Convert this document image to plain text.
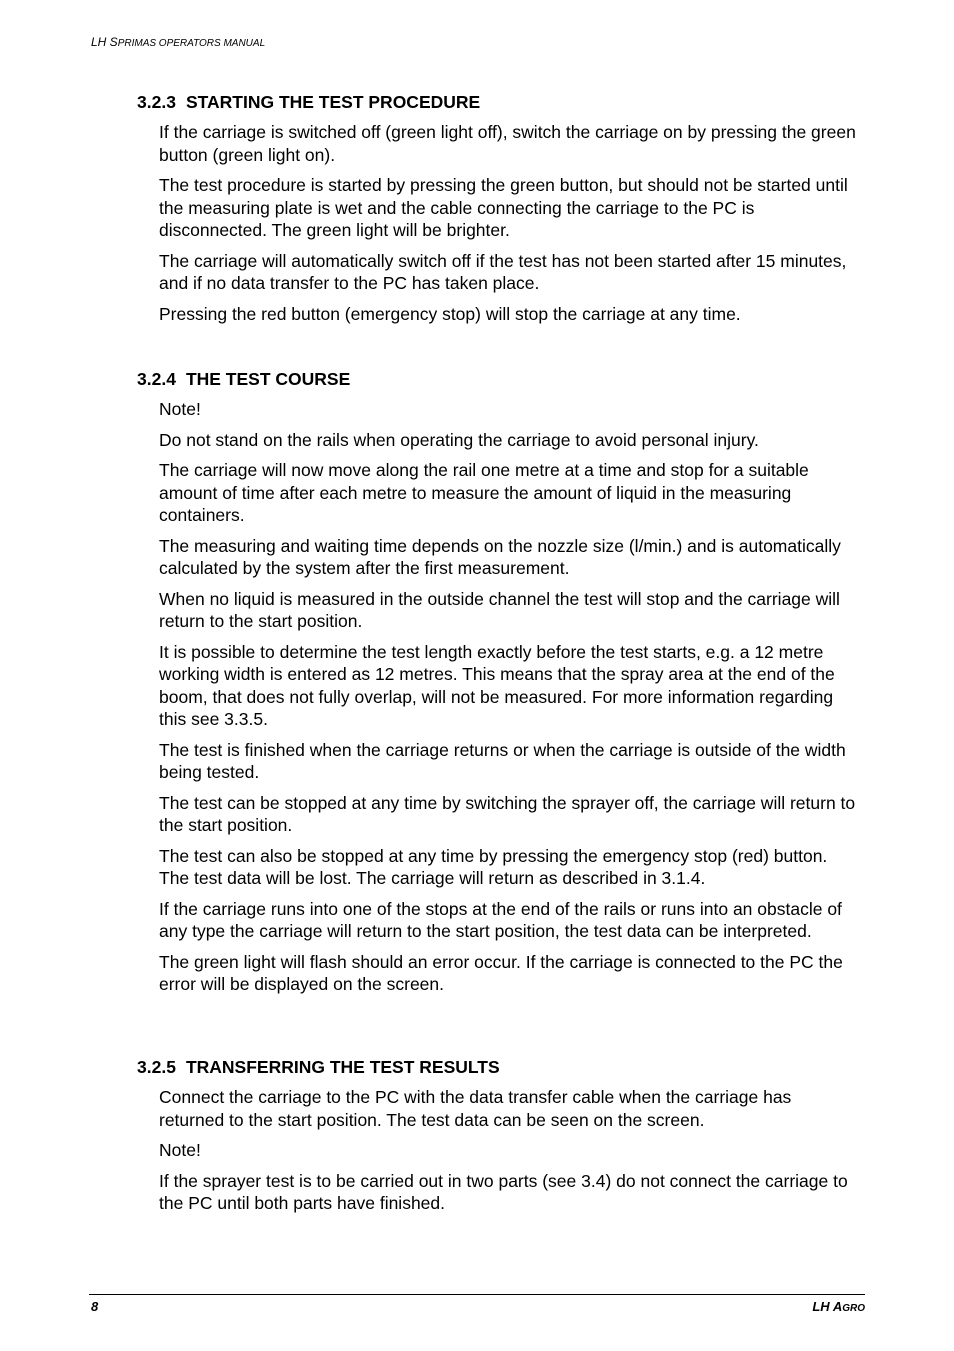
LH SPRIMAS OPERATORS MANUAL
3.2.3 STARTING THE TEST PROCEDURE

If the carriage is switched off (green light off), switch the carriage on by pressing the green button (green light on).

The test procedure is started by pressing the green button, but should not be started until the measuring plate is wet and the cable connecting the carriage to the PC is disconnected. The green light will be brighter.

The carriage will automatically switch off if the test has not been started after 15 minutes, and if no data transfer to the PC has taken place.

Pressing the red button (emergency stop) will stop the carriage at any time.

3.2.4 THE TEST COURSE

Note!

Do not stand on the rails when operating the carriage to avoid personal injury.

The carriage will now move along the rail one metre at a time and stop for a suitable amount of time after each metre to measure the amount of liquid in the measuring containers.

The measuring and waiting time depends on the nozzle size (l/min.) and is automatically calculated by the system after the first measurement.

When no liquid is measured in the outside channel the test will stop and the carriage will return to the start position.

It is possible to determine the test length exactly before the test starts, e.g. a 12 metre working width is entered as 12 metres. This means that the spray area at the end of the boom, that does not fully overlap, will not be measured. For more information regarding this see 3.3.5.

The test is finished when the carriage returns or when the carriage is outside of the width being tested.

The test can be stopped at any time by switching the sprayer off, the carriage will return to the start position.

The test can also be stopped at any time by pressing the emergency stop (red) button. The test data will be lost. The carriage will return as described in 3.1.4.

If the carriage runs into one of the stops at the end of the rails or runs into an obstacle of any type the carriage will return to the start position, the test data can be interpreted.

The green light will flash should an error occur. If the carriage is connected to the PC the error will be displayed on the screen.

3.2.5 TRANSFERRING THE TEST RESULTS

Connect the carriage to the PC with the data transfer cable when the carriage has returned to the start position. The test data can be seen on the screen.

Note!

If the sprayer test is to be carried out in two parts (see 3.4) do not connect the carriage to the PC until both parts have finished.

8	LH AGRO
